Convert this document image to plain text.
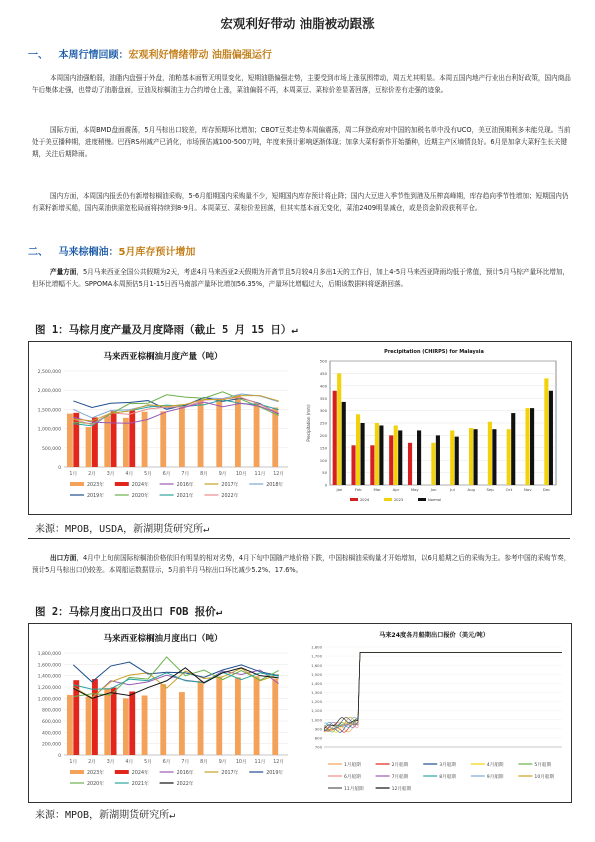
宏观利好带动 油脂被动跟涨
一、 本周行情回顾：宏观利好情绪带动 油脂偏强运行
本周国内油强粕弱，油脂内盘强于外盘，油粕基本面暂无明显变化，短期油脂偏强走势，主要受到市场上涨氛围带动，周五尤其明显。本周五国内地产行业出台利好政策，国内商品午后集体走强，也带动了油脂盘面，豆油及棕榈油主力合约增仓上涨，菜油偏弱不再，本周菜豆、菜棕价差显著回落，豆棕价差有走强的迹象。
国际方面，本周BMD盘面震荡，5月马棕出口较差，库存预期环比增加；CBOT豆类走势本周偏震荡，周二拜登政府对中国的加税名单中没有UCO，美豆油预期利多未能兑现。当前处于美豆播种期，进度稍慢。巴西RS州减产已消化，市场预估减100-500万吨，年度来预计影响逐渐体现；加拿大菜籽新作开始播种，近期主产区墒情良好。6月是加拿大菜籽生长关键期，关注后期降雨。
国内方面，本周国内报丢仍有新增棕榈油采购，5-6月船期国内采购量不少，短期国内库存预计将止降；国内大豆进入季节性到港及压榨高峰期，库存趋向季节性增加；短期国内仍有菜籽新增买船，国内菜油供需宽松局面将持续到8-9月。本周菜豆、菜棕价差回落，但其实基本面无变化，菜油2409明显减仓，或是资金阶段获利平仓。
二、 马来棕榈油：5月库存预计增加
产量方面，5月马来西亚全国公共假期为2天，考虑4月马来西亚2天假期为开斋节且5月较4月多出1天的工作日，加上4-5月马来西亚降雨均低于常值，预计5月马棕产量环比增加，但环比增幅不大。SPPOMA本周预估5月1-15日西马南部产量环比增加56.35%，产量环比增幅过大，后期该数据料将逐渐回落。
图 1：马棕月度产量及月度降雨（截止 5 月 15 日）↵
马来西亚棕榈油月度产量（吨）
0
500,000
1,000,000
1,500,000
2,000,000
2,500,000
1月 2月 3月 4月 5月 6月 7月 8月 9月 10月 11月 12月
2023年	2024年	2016年	2017年	2018年
2019年	2020年	2021年	2022年
Precipitation (CHIRPS) for Malaysia
0
50
100
150
200
250
300
350
400
450
500
Precipitation (mm)
Jan	Feb	Mar	Apr	May	Jun	Jul	Aug	Sep	Oct	Nov	Dec
2024	2023	Normal
来源：MPOB，USDA，新湖期货研究所↵
出口方面，4月中上旬前国际棕榈油价格依旧有明显的相对劣势，4月下旬中国随产地价格下跌，中国棕榈油采购量才开始增加，以6月船期之后的采购为主。参考中国的采购节奏，预计5月马棕出口仍较差。本周船运数据显示，5月前半月马棕出口环比减少5.2%、17.6%。
图 2：马棕月度出口及出口 FOB 报价↵
马来西亚棕榈油月度出口（吨）
0
200,000
400,000
600,000
800,000
1,000,000
1,200,000
1,400,000
1,600,000
1,800,000
1月 2月 3月 4月 5月 6月 7月 8月 9月 10月 11月 12月
2023年	2024年	2016年	2017年	2019年
2020年	2021年	2022年
马来24度各月船期出口报价（美元/吨）
700
800
900
1,000
1,100
1,200
1,300
1,400
1,500
1,600
1,700
1,800
1月船期	2月船期	3月船期	4月船期	5月船期
6月船期	7月船期	8月船期	9月船期	10月船期
11月船期	12月船期
来源：MPOB，新湖期货研究所↵
